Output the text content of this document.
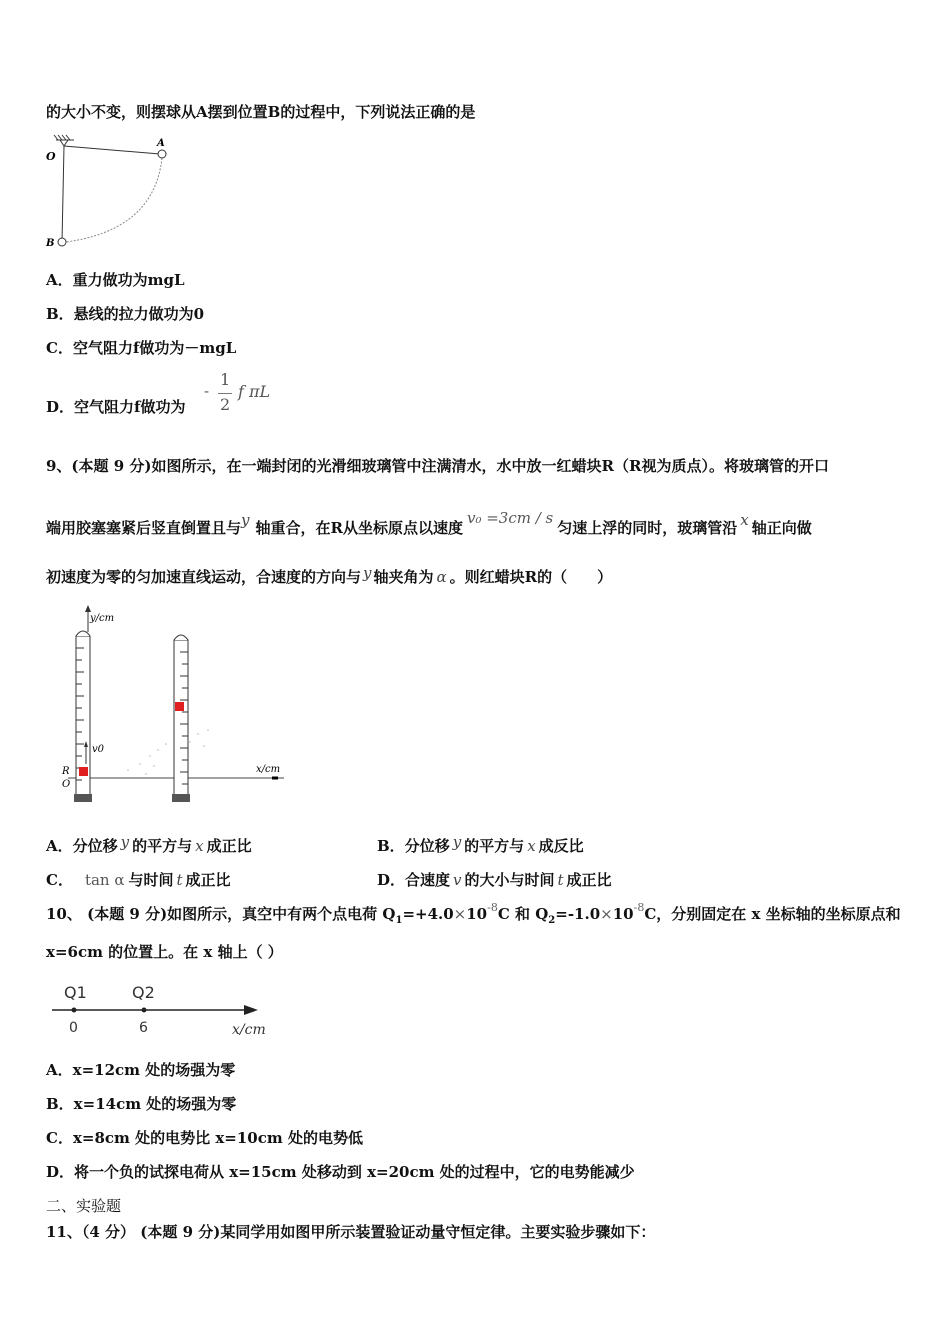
的大小不变，则摆球从A摆到位置B的过程中，下列说法正确的是
O
A
B
A．重力做功为mgL
B．悬线的拉力做功为0
C．空气阻力f做功为－mgL
D．空气阻力f做功为
-
1
2
f πL
9、(本题 9 分)如图所示，在一端封闭的光滑细玻璃管中注满清水，水中放一红蜡块R（R视为质点）。将玻璃管的开口
端用胶塞塞紧后竖直倒置且与y 轴重合，在R从坐标原点以速度v₀ =3cm / s匀速上浮的同时，玻璃管沿 x 轴正向做
初速度为零的匀加速直线运动，合速度的方向与 y 轴夹角为 α 。则红蜡块R的（　　）
y/cm
x/cm
v0
R
O
A．分位移 y 的平方与 x 成正比	B．分位移 y 的平方与 x 成反比
C． tan α 与时间 t 成正比	D．合速度 v 的大小与时间 t 成正比
10、 (本题 9 分)如图所示，真空中有两个点电荷 $Q_1=+4.0\times 10^{-8}C$ 和 $Q_2=-1.0\times 10^{-8}C$，分别固定在 x 坐标轴的坐标原点和
x=6cm 的位置上。在 x 轴上（ ）
Q1	Q2
0	6	x/cm
A．x=12cm 处的场强为零
B．x=14cm 处的场强为零
C．x=8cm 处的电势比 x=10cm 处的电势低
D．将一个负的试探电荷从 x=15cm 处移动到 x=20cm 处的过程中，它的电势能减少
二、实验题
11、（4 分） (本题 9 分)某同学用如图甲所示装置验证动量守恒定律。主要实验步骤如下：
